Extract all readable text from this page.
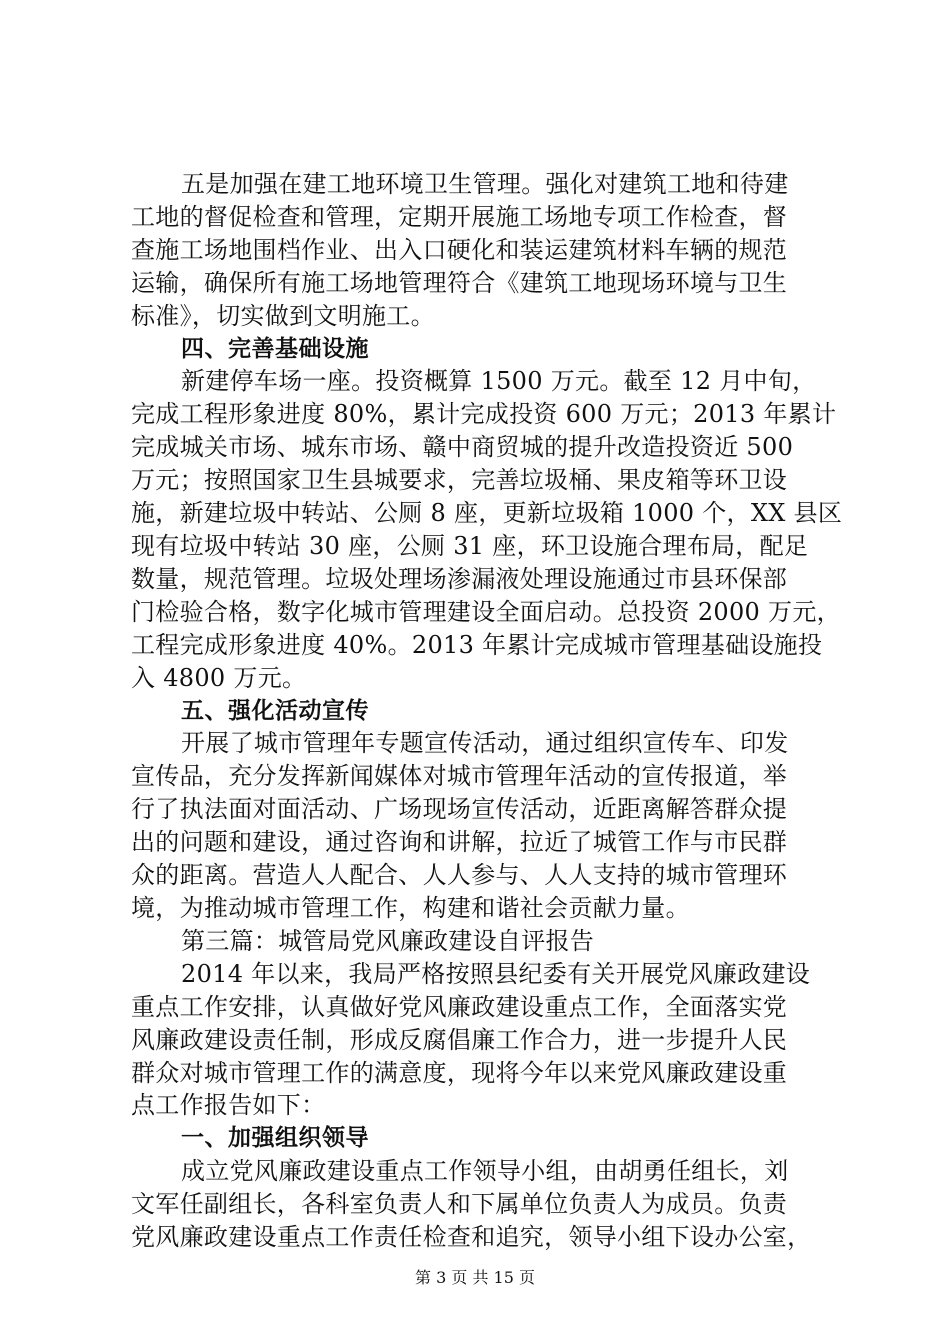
五是加强在建工地环境卫生管理。强化对建筑工地和待建
工地的督促检查和管理，定期开展施工场地专项工作检查，督
查施工场地围档作业、出入口硬化和装运建筑材料车辆的规范
运输，确保所有施工场地管理符合《建筑工地现场环境与卫生
标准》，切实做到文明施工。
四、完善基础设施
新建停车场一座。投资概算 1500 万元。截至 12 月中旬，
完成工程形象进度 80%，累计完成投资 600 万元；2013 年累计
完成城关市场、城东市场、赣中商贸城的提升改造投资近 500
万元；按照国家卫生县城要求，完善垃圾桶、果皮箱等环卫设
施，新建垃圾中转站、公厕 8 座，更新垃圾箱 1000 个，XX 县区
现有垃圾中转站 30 座，公厕 31 座，环卫设施合理布局，配足
数量，规范管理。垃圾处理场渗漏液处理设施通过市县环保部
门检验合格，数字化城市管理建设全面启动。总投资 2000 万元，
工程完成形象进度 40%。2013 年累计完成城市管理基础设施投
入 4800 万元。
五、强化活动宣传
开展了城市管理年专题宣传活动，通过组织宣传车、印发
宣传品，充分发挥新闻媒体对城市管理年活动的宣传报道，举
行了执法面对面活动、广场现场宣传活动，近距离解答群众提
出的问题和建设，通过咨询和讲解，拉近了城管工作与市民群
众的距离。营造人人配合、人人参与、人人支持的城市管理环
境，为推动城市管理工作，构建和谐社会贡献力量。
第三篇：城管局党风廉政建设自评报告
2014 年以来，我局严格按照县纪委有关开展党风廉政建设
重点工作安排，认真做好党风廉政建设重点工作，全面落实党
风廉政建设责任制，形成反腐倡廉工作合力，进一步提升人民
群众对城市管理工作的满意度，现将今年以来党风廉政建设重
点工作报告如下：
一、加强组织领导
成立党风廉政建设重点工作领导小组，由胡勇任组长，刘
文军任副组长，各科室负责人和下属单位负责人为成员。负责
党风廉政建设重点工作责任检查和追究，领导小组下设办公室，
第 3 页 共 15 页
